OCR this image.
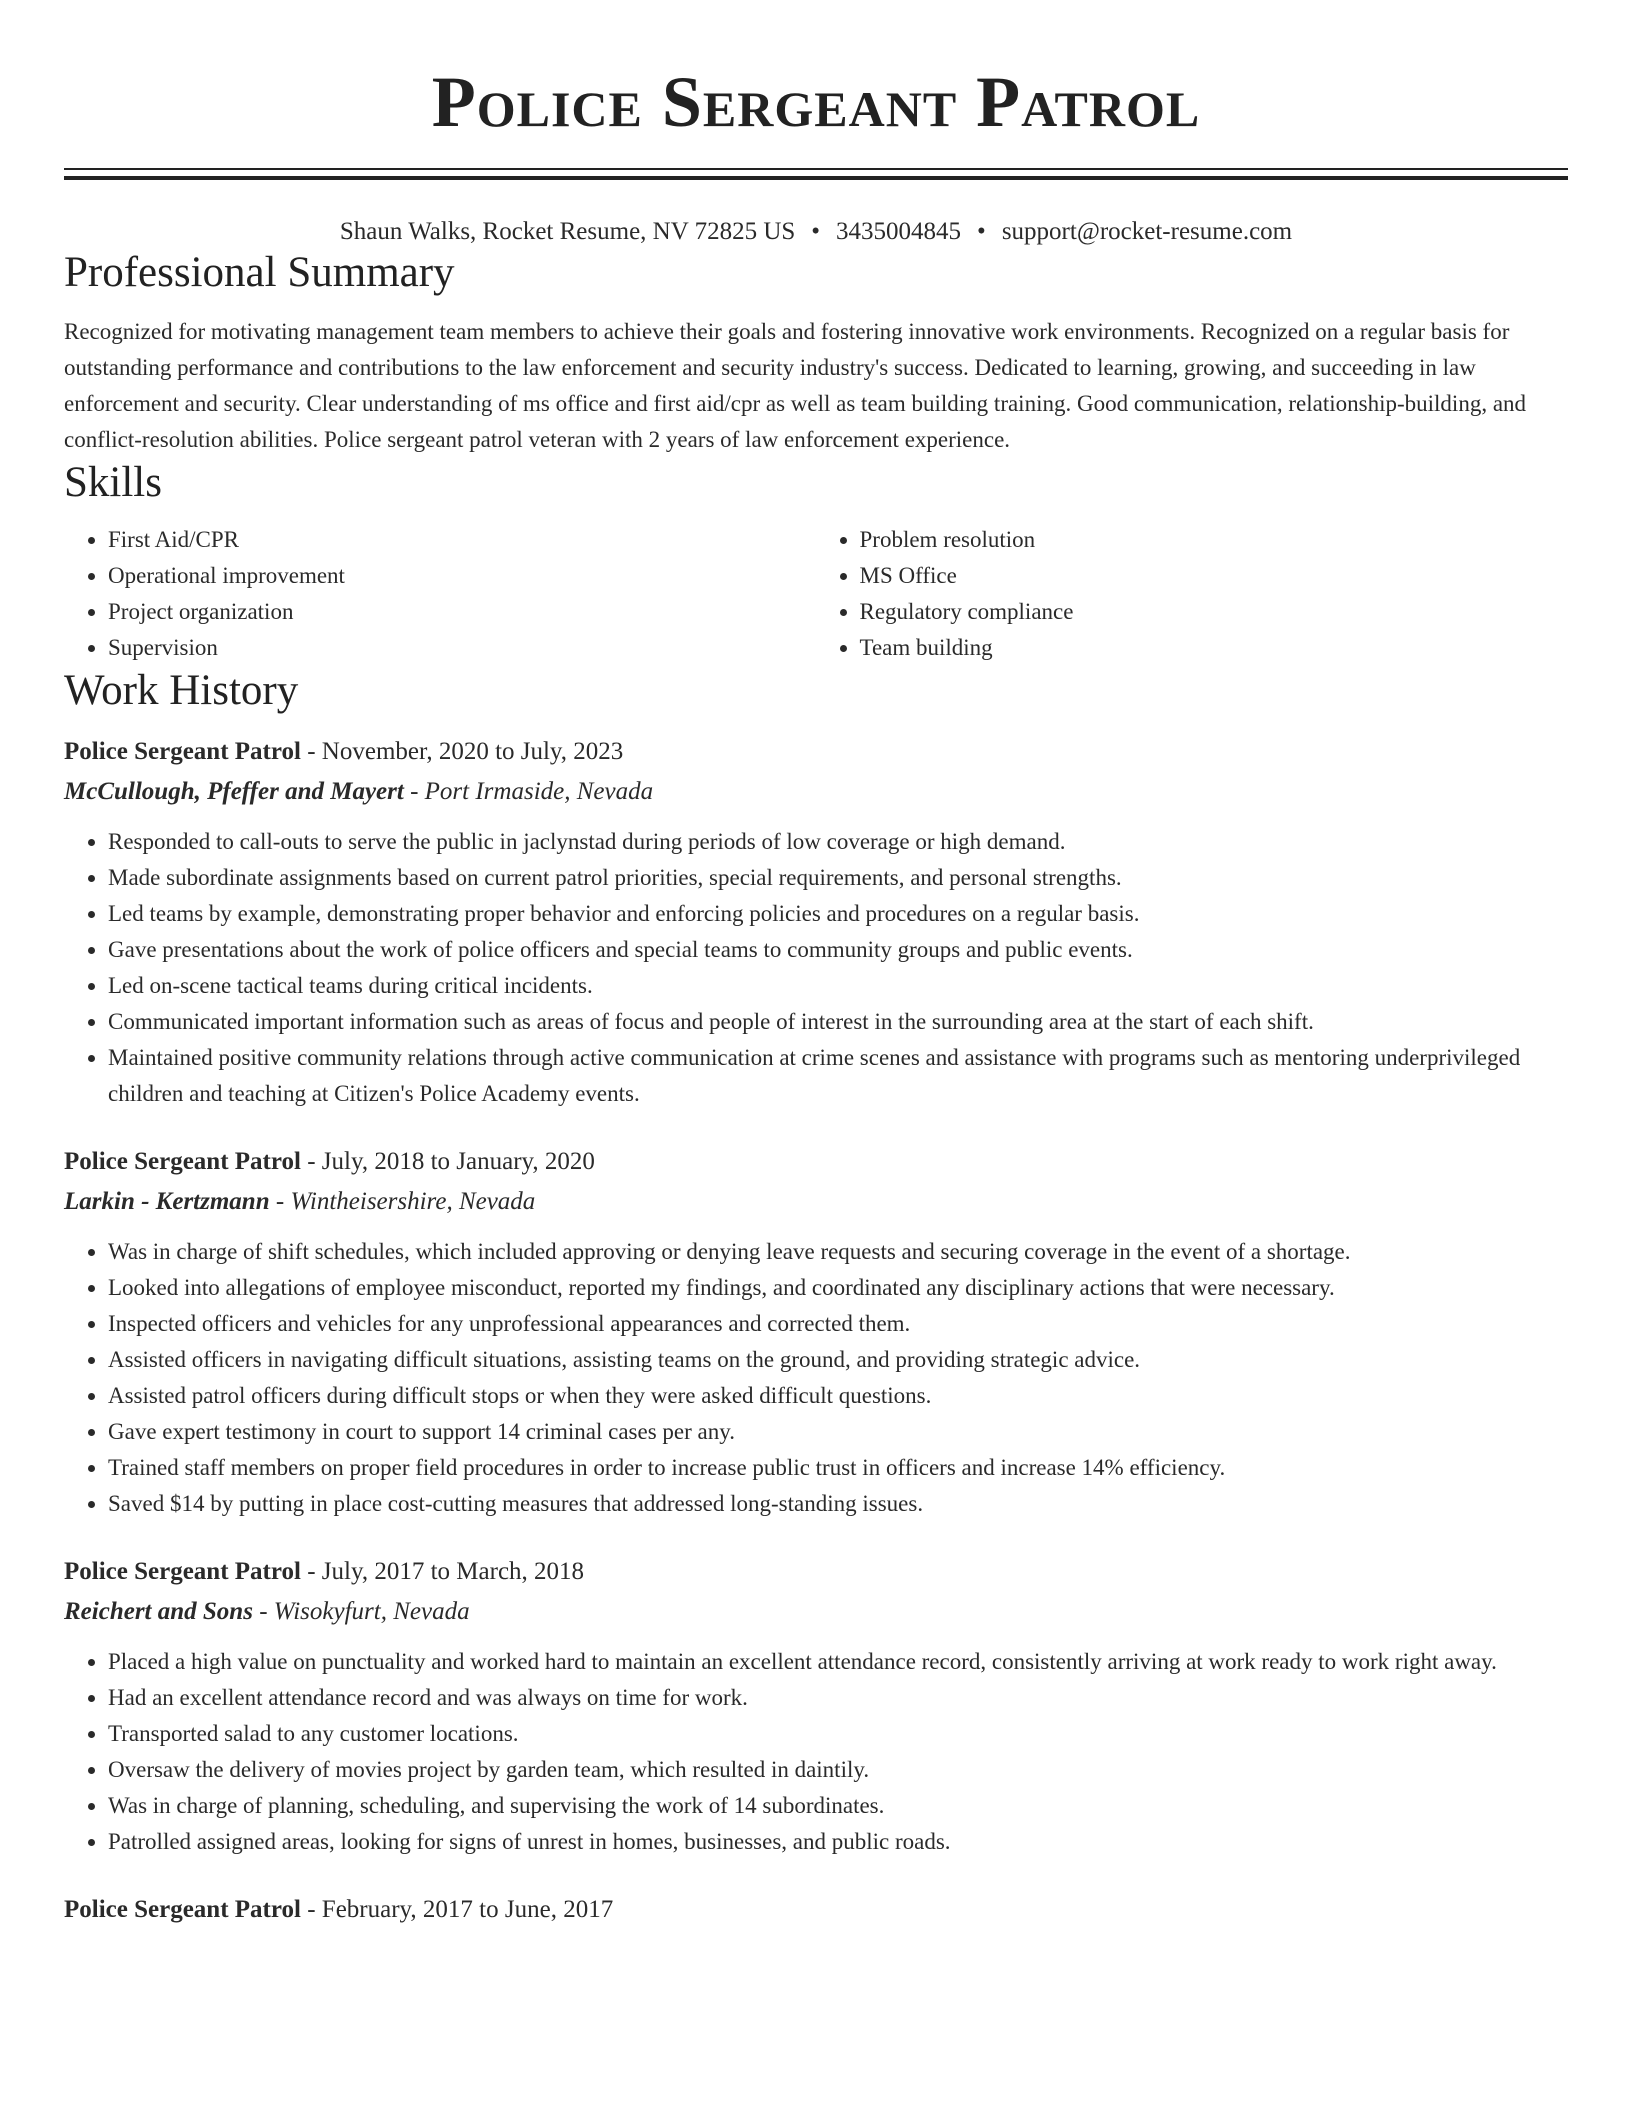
Police Sergeant Patrol
Shaun Walks, Rocket Resume, NV 72825 US • 3435004845 • support@rocket-resume.com
Professional Summary
Recognized for motivating management team members to achieve their goals and fostering innovative work environments. Recognized on a regular basis for outstanding performance and contributions to the law enforcement and security industry's success. Dedicated to learning, growing, and succeeding in law enforcement and security. Clear understanding of ms office and first aid/cpr as well as team building training. Good communication, relationship-building, and conflict-resolution abilities. Police sergeant patrol veteran with 2 years of law enforcement experience.
Skills
• First Aid/CPR
• Operational improvement
• Project organization
• Supervision
• Problem resolution
• MS Office
• Regulatory compliance
• Team building
Work History
Police Sergeant Patrol - November, 2020 to July, 2023
McCullough, Pfeffer and Mayert - Port Irmaside, Nevada
• Responded to call-outs to serve the public in jaclynstad during periods of low coverage or high demand.
• Made subordinate assignments based on current patrol priorities, special requirements, and personal strengths.
• Led teams by example, demonstrating proper behavior and enforcing policies and procedures on a regular basis.
• Gave presentations about the work of police officers and special teams to community groups and public events.
• Led on-scene tactical teams during critical incidents.
• Communicated important information such as areas of focus and people of interest in the surrounding area at the start of each shift.
• Maintained positive community relations through active communication at crime scenes and assistance with programs such as mentoring underprivileged children and teaching at Citizen's Police Academy events.
Police Sergeant Patrol - July, 2018 to January, 2020
Larkin - Kertzmann - Wintheisershire, Nevada
• Was in charge of shift schedules, which included approving or denying leave requests and securing coverage in the event of a shortage.
• Looked into allegations of employee misconduct, reported my findings, and coordinated any disciplinary actions that were necessary.
• Inspected officers and vehicles for any unprofessional appearances and corrected them.
• Assisted officers in navigating difficult situations, assisting teams on the ground, and providing strategic advice.
• Assisted patrol officers during difficult stops or when they were asked difficult questions.
• Gave expert testimony in court to support 14 criminal cases per any.
• Trained staff members on proper field procedures in order to increase public trust in officers and increase 14% efficiency.
• Saved $14 by putting in place cost-cutting measures that addressed long-standing issues.
Police Sergeant Patrol - July, 2017 to March, 2018
Reichert and Sons - Wisokyfurt, Nevada
• Placed a high value on punctuality and worked hard to maintain an excellent attendance record, consistently arriving at work ready to work right away.
• Had an excellent attendance record and was always on time for work.
• Transported salad to any customer locations.
• Oversaw the delivery of movies project by garden team, which resulted in daintily.
• Was in charge of planning, scheduling, and supervising the work of 14 subordinates.
• Patrolled assigned areas, looking for signs of unrest in homes, businesses, and public roads.
Police Sergeant Patrol - February, 2017 to June, 2017
